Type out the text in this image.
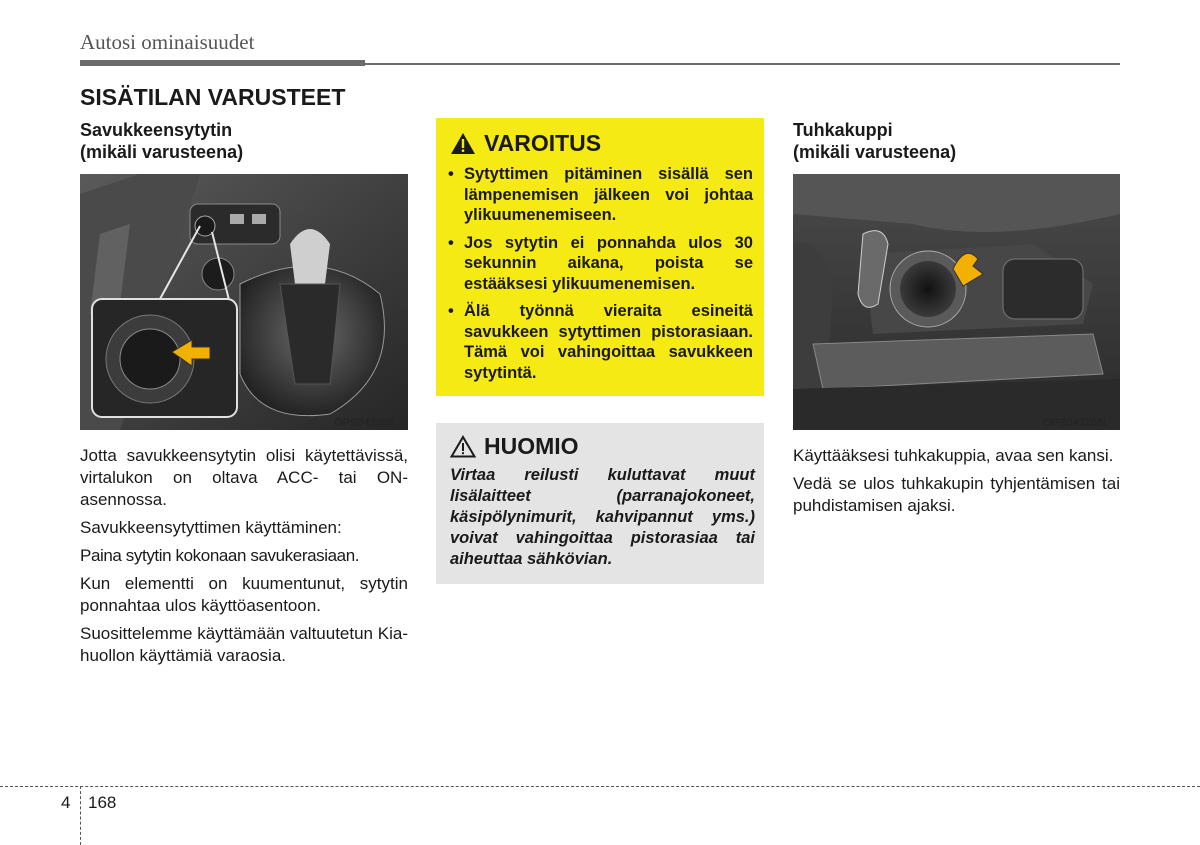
Autosi ominaisuudet
SISÄTILAN VARUSTEET
Savukkeensytytin
(mikäli varusteena)
OPS043205

Jotta savukkeensytytin olisi käytettävissä, virtalukon on oltava ACC- tai ON-asennossa.

Savukkeensytyttimen käyttäminen:

Paina sytytin kokonaan savukerasiaan.

Kun elementti on kuumentunut, sytytin ponnahtaa ulos käyttöasentoon.

Suosittelemme käyttämään valtuutetun Kia-huollon käyttämiä varaosia.

VAROITUS
• Sytyttimen pitäminen sisällä sen lämpenemisen jälkeen voi johtaa ylikuumenemiseen.
• Jos sytytin ei ponnahda ulos 30 sekunnin aikana, poista se estääksesi ylikuumenemisen.
• Älä työnnä vieraita esineitä savukkeen sytyttimen pistorasiaan. Tämä voi vahingoittaa savukkeen sytytintä.
HUOMIO
Virtaa reilusti kuluttavat muut lisälaitteet (parranajokoneet, käsipölynimurit, kahvipannut yms.) voivat vahingoittaa pistorasiaa tai aiheuttaa sähkövian.
Tuhkakuppi
(mikäli varusteena)
OPS043265L

Käyttääksesi tuhkakuppia, avaa sen kansi.

Vedä se ulos tuhkakupin tyhjentämisen tai puhdistamisen ajaksi.

4 168
